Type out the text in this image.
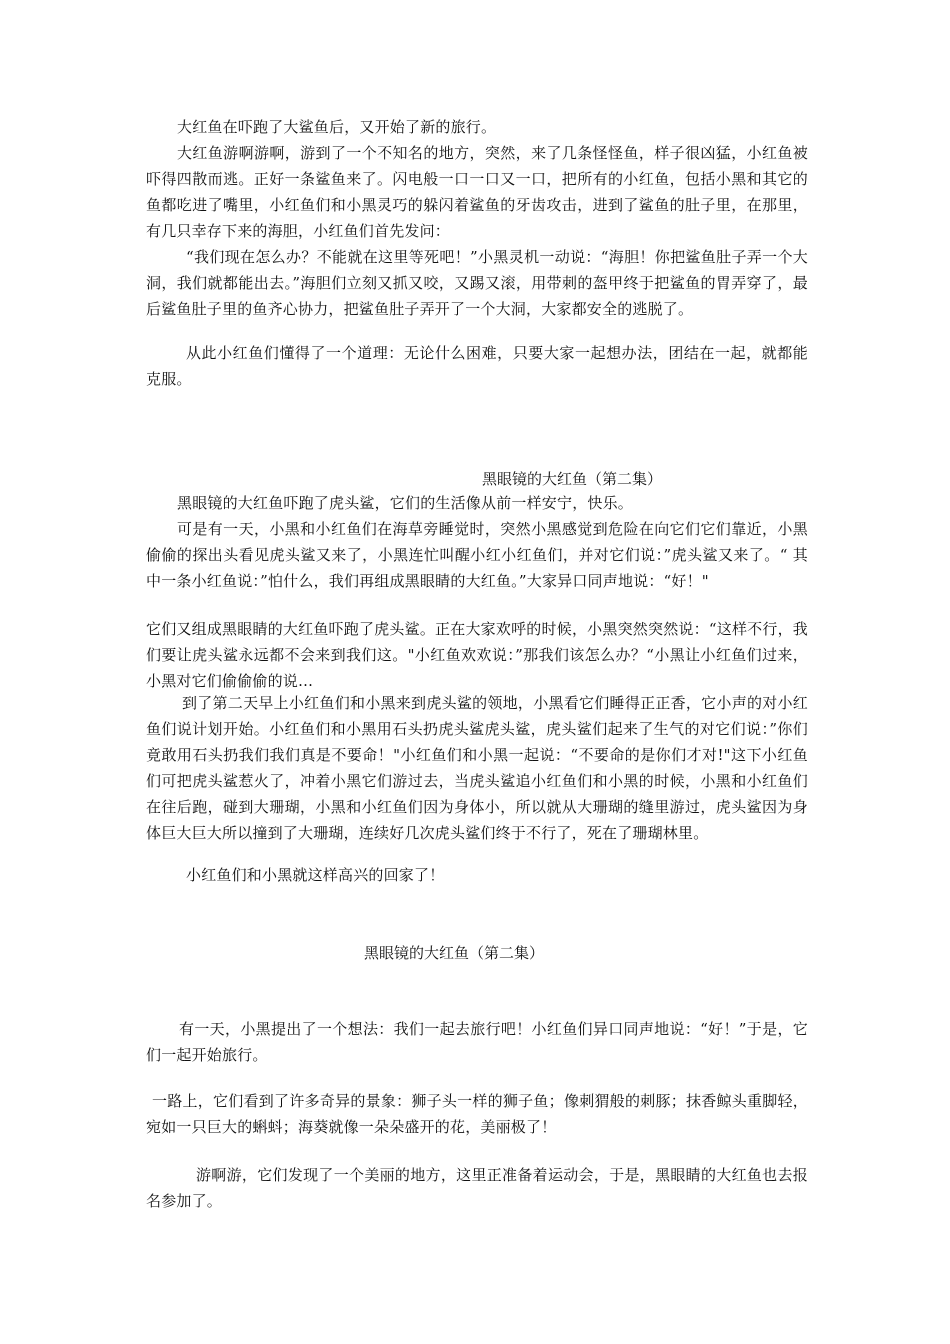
大红鱼在吓跑了大鲨鱼后，又开始了新的旅行。

大红鱼游啊游啊，游到了一个不知名的地方，突然，来了几条怪怪鱼，样子很凶猛，小红鱼被吓得四散而逃。正好一条鲨鱼来了。闪电般一口一口又一口，把所有的小红鱼，包括小黑和其它的鱼都吃进了嘴里，小红鱼们和小黑灵巧的躲闪着鲨鱼的牙齿攻击，进到了鲨鱼的肚子里，在那里，有几只幸存下来的海胆，小红鱼们首先发问：

“我们现在怎么办？不能就在这里等死吧！”小黑灵机一动说：“海胆！你把鲨鱼肚子弄一个大洞，我们就都能出去。”海胆们立刻又抓又咬，又踢又滚，用带刺的盔甲终于把鲨鱼的胃弄穿了，最后鲨鱼肚子里的鱼齐心协力，把鲨鱼肚子弄开了一个大洞，大家都安全的逃脱了。

从此小红鱼们懂得了一个道理：无论什么困难，只要大家一起想办法，团结在一起，就都能克服。

黑眼镜的大红鱼（第二集）

黑眼镜的大红鱼吓跑了虎头鲨，它们的生活像从前一样安宁，快乐。

可是有一天，小黑和小红鱼们在海草旁睡觉时，突然小黑感觉到危险在向它们它们靠近，小黑偷偷的探出头看见虎头鲨又来了，小黑连忙叫醒小红小红鱼们，并对它们说：”虎头鲨又来了。“ 其中一条小红鱼说：”怕什么，我们再组成黑眼睛的大红鱼。”大家异口同声地说：“好！"

它们又组成黑眼睛的大红鱼吓跑了虎头鲨。正在大家欢呼的时候，小黑突然突然说：“这样不行，我们要让虎头鲨永远都不会来到我们这。"小红鱼欢欢说：”那我们该怎么办？“小黑让小红鱼们过来，小黑对它们偷偷偷的说…

到了第二天早上小红鱼们和小黑来到虎头鲨的领地，小黑看它们睡得正正香，它小声的对小红鱼们说计划开始。小红鱼们和小黑用石头扔虎头鲨虎头鲨，虎头鲨们起来了生气的对它们说：”你们竟敢用石头扔我们我们真是不要命！"小红鱼们和小黑一起说：“不要命的是你们才对!"这下小红鱼们可把虎头鲨惹火了，冲着小黑它们游过去，当虎头鲨追小红鱼们和小黑的时候，小黑和小红鱼们在往后跑，碰到大珊瑚，小黑和小红鱼们因为身体小，所以就从大珊瑚的缝里游过，虎头鲨因为身体巨大巨大所以撞到了大珊瑚，连续好几次虎头鲨们终于不行了，死在了珊瑚林里。

小红鱼们和小黑就这样高兴的回家了！

黑眼镜的大红鱼（第二集）

有一天，小黑提出了一个想法：我们一起去旅行吧！小红鱼们异口同声地说：“好！”于是，它们一起开始旅行。

一路上，它们看到了许多奇异的景象：狮子头一样的狮子鱼；像刺猬般的刺豚；抹香鲸头重脚轻，宛如一只巨大的蝌蚪；海葵就像一朵朵盛开的花，美丽极了！

游啊游，它们发现了一个美丽的地方，这里正准备着运动会，于是，黑眼睛的大红鱼也去报名参加了。
